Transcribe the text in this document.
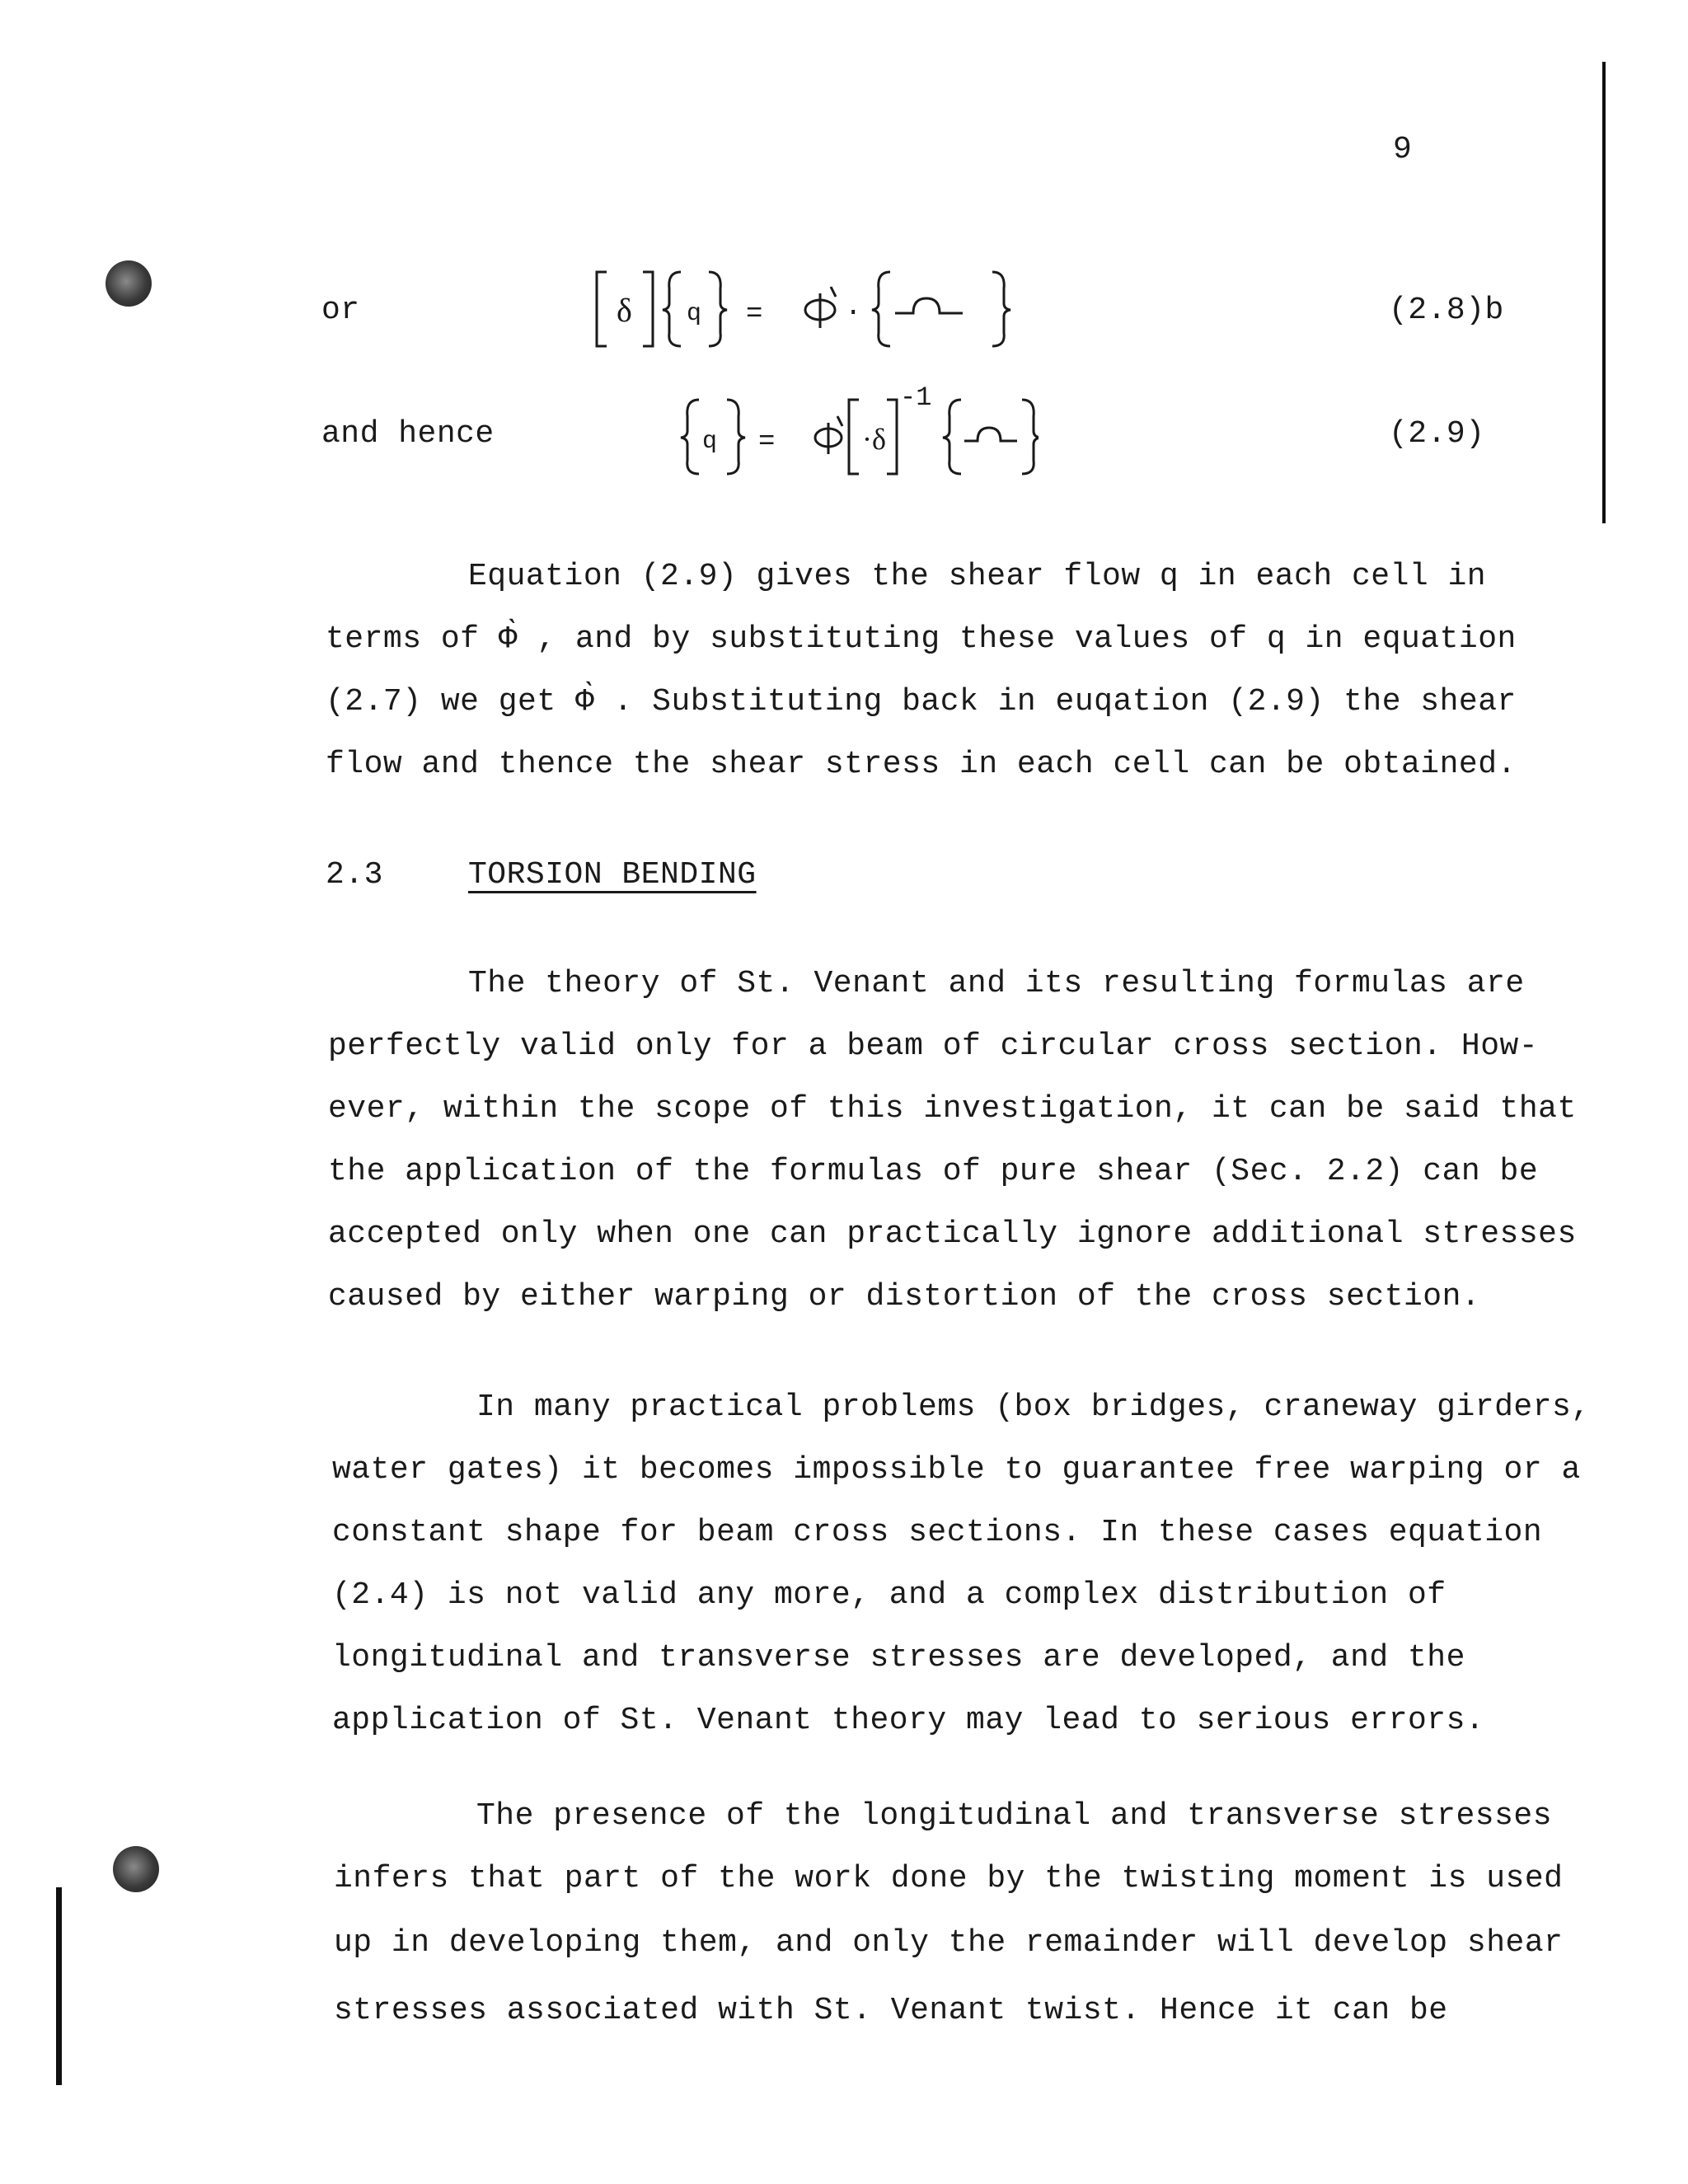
9
or	δ q =	·	(2.8)b
and hence	·δ
q =
-1
(2.9)
Equation (2.9) gives the shear flow q in each cell in
terms of Φ̀ , and by substituting these values of q in equation
(2.7) we get Φ̀ . Substituting back in euqation (2.9) the shear
flow and thence the shear stress in each cell can be obtained.
2.3	TORSION BENDING
The theory of St. Venant and its resulting formulas are
perfectly valid only for a beam of circular cross section. How-
ever, within the scope of this investigation, it can be said that
the application of the formulas of pure shear (Sec. 2.2) can be
accepted only when one can practically ignore additional stresses
caused by either warping or distortion of the cross section.
In many practical problems (box bridges, craneway girders,
water gates) it becomes impossible to guarantee free warping or a
constant shape for beam cross sections. In these cases equation
(2.4) is not valid any more, and a complex distribution of
longitudinal and transverse stresses are developed, and the
application of St. Venant theory may lead to serious errors.
The presence of the longitudinal and transverse stresses
infers that part of the work done by the twisting moment is used
up in developing them, and only the remainder will develop shear
stresses associated with St. Venant twist. Hence it can be
